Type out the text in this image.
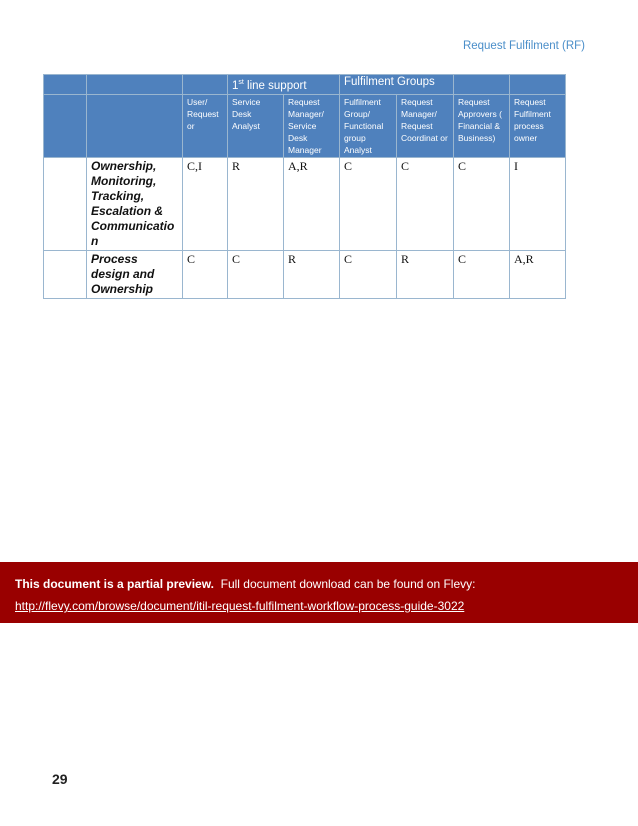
Request Fulfilment (RF)
			1st line support		Fulfilment Groups			
		User/ Request or	Service Desk Analyst	Request Manager/ Service Desk Manager	Fulfilment Group/ Functional group Analyst	Request Manager/ Request Coordinat or	Request Approvers ( Financial & Business)	Request Fulfilment process owner
	Ownership, Monitoring, Tracking, Escalation & Communicatio n	C,I	R	A,R	C	C	C	I
	Process design and Ownership	C	C	R	C	R	C	A,R
This document is a partial preview. Full document download can be found on Flevy:
http://flevy.com/browse/document/itil-request-fulfilment-workflow-process-guide-3022
29
